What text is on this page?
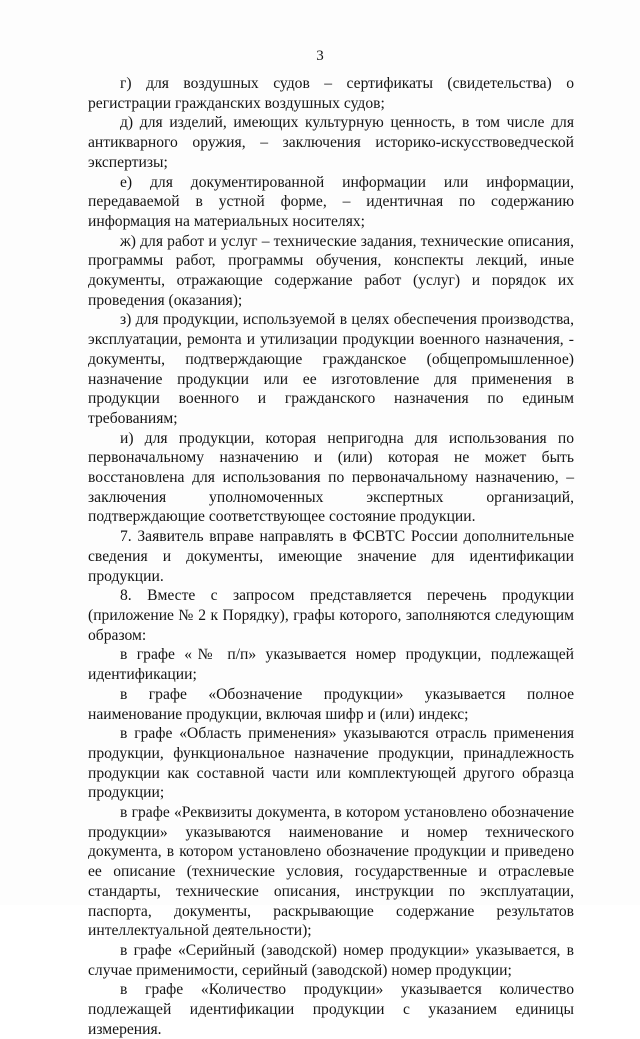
3

г) для воздушных судов – сертификаты (свидетельства) о регистрации гражданских воздушных судов;

д) для изделий, имеющих культурную ценность, в том числе для антикварного оружия, – заключения историко-искусствоведческой экспертизы;

е) для документированной информации или информации, передаваемой в устной форме, – идентичная по содержанию информация на материальных носителях;

ж) для работ и услуг – технические задания, технические описания, программы работ, программы обучения, конспекты лекций, иные документы, отражающие содержание работ (услуг) и порядок их проведения (оказания);

з) для продукции, используемой в целях обеспечения производства, эксплуатации, ремонта и утилизации продукции военного назначения, - документы, подтверждающие гражданское (общепромышленное) назначение продукции или ее изготовление для применения в продукции военного и гражданского назначения по единым требованиям;

и) для продукции, которая непригодна для использования по первоначальному назначению и (или) которая не может быть восстановлена для использования по первоначальному назначению, – заключения уполномоченных экспертных организаций, подтверждающие соответствующее состояние продукции.

7. Заявитель вправе направлять в ФСВТС России дополнительные сведения и документы, имеющие значение для идентификации продукции.

8. Вместе с запросом представляется перечень продукции (приложение № 2 к Порядку), графы которого, заполняются следующим образом:

в графе «№ п/п» указывается номер продукции, подлежащей идентификации;

в графе «Обозначение продукции» указывается полное наименование продукции, включая шифр и (или) индекс;

в графе «Область применения» указываются отрасль применения продукции, функциональное назначение продукции, принадлежность продукции как составной части или комплектующей другого образца продукции;

в графе «Реквизиты документа, в котором установлено обозначение продукции» указываются наименование и номер технического документа, в котором установлено обозначение продукции и приведено ее описание (технические условия, государственные и отраслевые стандарты, технические описания, инструкции по эксплуатации, паспорта, документы, раскрывающие содержание результатов интеллектуальной деятельности);

в графе «Серийный (заводской) номер продукции» указывается, в случае применимости, серийный (заводской) номер продукции;

в графе «Количество продукции» указывается количество подлежащей идентификации продукции с указанием единицы измерения.
